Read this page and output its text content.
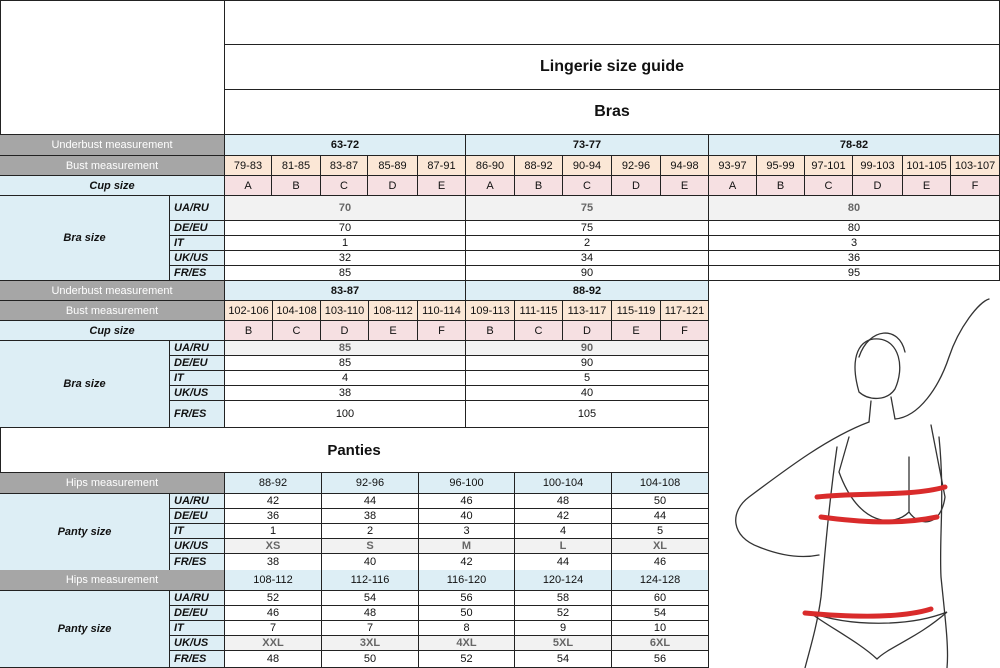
Lingerie size guide
Bras
Underbust measurement	63-72	73-77	78-82
Bust measurement	79-83	81-85	83-87	85-89	87-91	86-90	88-92	90-94	92-96	94-98	93-97	95-99	97-101	99-103	101-105 103-107
Cup size	A	B	C	D	E	A	B	C	D	E	A	B	C	D	E	F
Bra size
UA/RU	70	75	80
DE/EU	70	75	80
IT	1	2	3
UK/US	32	34	36
FR/ES	85	90	95
Underbust measurement	83-87	88-92
Bust measurement	102-106 104-108 103-110 108-112 110-114 109-113 111-115 113-117 115-119 117-121
Cup size	B	C	D	E	F	B	C	D	E	F
Bra size
UA/RU	85	90
DE/EU	85	90
IT	4	5
UK/US	38	40
FR/ES	100	105
Panties
Hips measurement	88-92	92-96	96-100	100-104	104-108
Panty size
UA/RU	42	44	46	48	50
DE/EU	36	38	40	42	44
IT	1	2	3	4	5
UK/US	XS	S	M	L	XL
FR/ES	38	40	42	44	46
Hips measurement	108-112	112-116	116-120	120-124	124-128
Panty size
UA/RU	52	54	56	58	60
DE/EU	46	48	50	52	54
IT	7	7	8	9	10
UK/US	XXL	3XL	4XL	5XL	6XL
FR/ES	48	50	52	54	56
